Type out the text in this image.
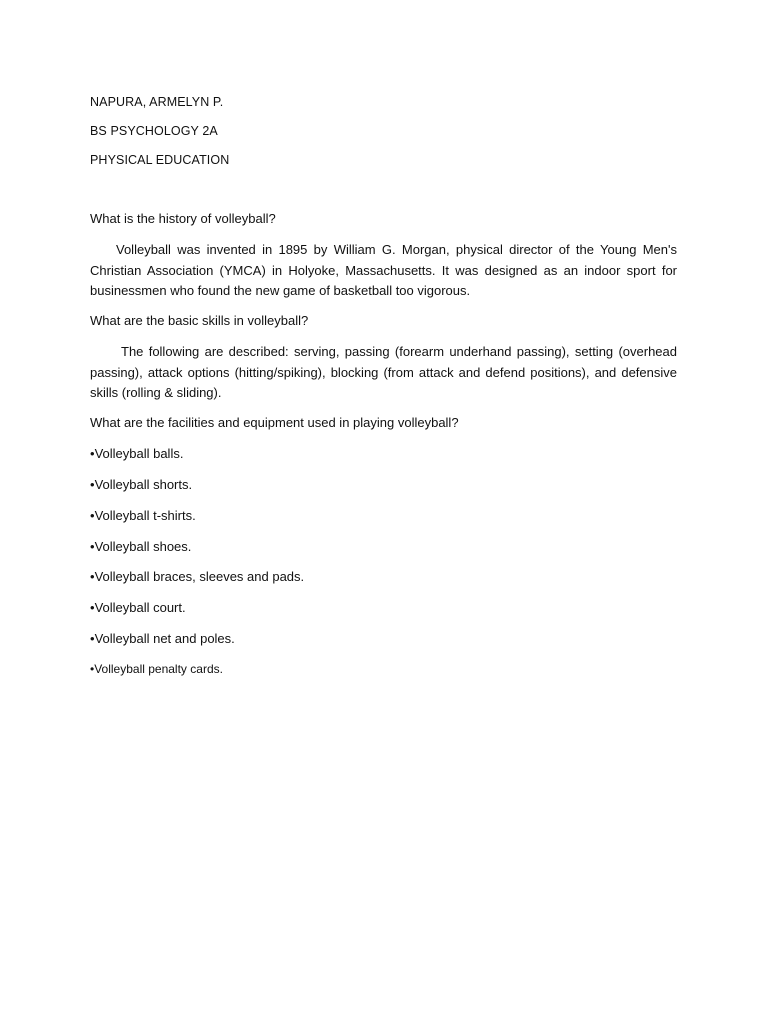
NAPURA, ARMELYN P.
BS PSYCHOLOGY 2A
PHYSICAL EDUCATION
What is the history of volleyball?

Volleyball was invented in 1895 by William G. Morgan, physical director of the Young Men's Christian Association (YMCA) in Holyoke, Massachusetts. It was designed as an indoor sport for businessmen who found the new game of basketball too vigorous.

What are the basic skills in volleyball?

The following are described: serving, passing (forearm underhand passing), setting (overhead passing), attack options (hitting/spiking), blocking (from attack and defend positions), and defensive skills (rolling & sliding).

What are the facilities and equipment used in playing volleyball?
•Volleyball balls.
•Volleyball shorts.
•Volleyball t-shirts.
•Volleyball shoes.
•Volleyball braces, sleeves and pads.
•Volleyball court.
•Volleyball net and poles.
•Volleyball penalty cards.
